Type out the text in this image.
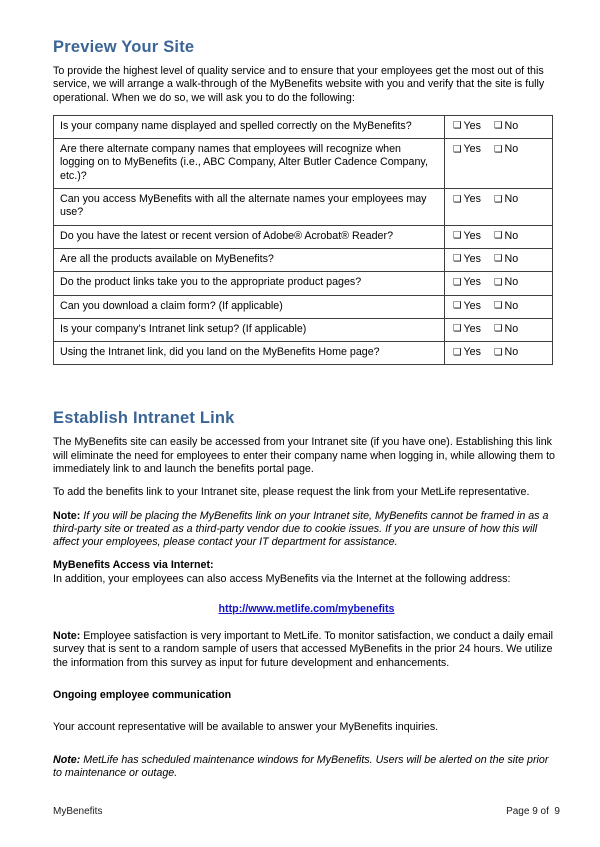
Preview Your Site

To provide the highest level of quality service and to ensure that your employees get the most out of this service, we will arrange a walk-through of the MyBenefits website with you and verify that the site is fully operational. When we do so, we will ask you to do the following:

Is your company name displayed and spelled correctly on the MyBenefits?	❑ Yes ❑ No
Are there alternate company names that employees will recognize when logging on to MyBenefits (i.e., ABC Company, Alter Butler Cadence Company, etc.)?	❑ Yes ❑ No
Can you access MyBenefits with all the alternate names your employees may use?	❑ Yes ❑ No
Do you have the latest or recent version of Adobe® Acrobat® Reader?	❑ Yes ❑ No
Are all the products available on MyBenefits?	❑ Yes ❑ No
Do the product links take you to the appropriate product pages?	❑ Yes ❑ No
Can you download a claim form? (If applicable)	❑ Yes ❑ No
Is your company’s Intranet link setup? (If applicable)	❑ Yes ❑ No
Using the Intranet link, did you land on the MyBenefits Home page?	❑ Yes ❑ No
Establish Intranet Link

The MyBenefits site can easily be accessed from your Intranet site (if you have one). Establishing this link will eliminate the need for employees to enter their company name when logging in, while allowing them to immediately link to and launch the benefits portal page.

To add the benefits link to your Intranet site, please request the link from your MetLife representative.

Note: If you will be placing the MyBenefits link on your Intranet site, MyBenefits cannot be framed in as a third-party site or treated as a third-party vendor due to cookie issues. If you are unsure of how this will affect your employees, please contact your IT department for assistance.

MyBenefits Access via Internet:

In addition, your employees can also access MyBenefits via the Internet at the following address:

http://www.metlife.com/mybenefits

Note: Employee satisfaction is very important to MetLife. To monitor satisfaction, we conduct a daily email survey that is sent to a random sample of users that accessed MyBenefits in the prior 24 hours. We utilize the information from this survey as input for future development and enhancements.

Ongoing employee communication

Your account representative will be available to answer your MyBenefits inquiries.

Note: MetLife has scheduled maintenance windows for MyBenefits. Users will be alerted on the site prior to maintenance or outage.

MyBenefits	Page 9 of  9
